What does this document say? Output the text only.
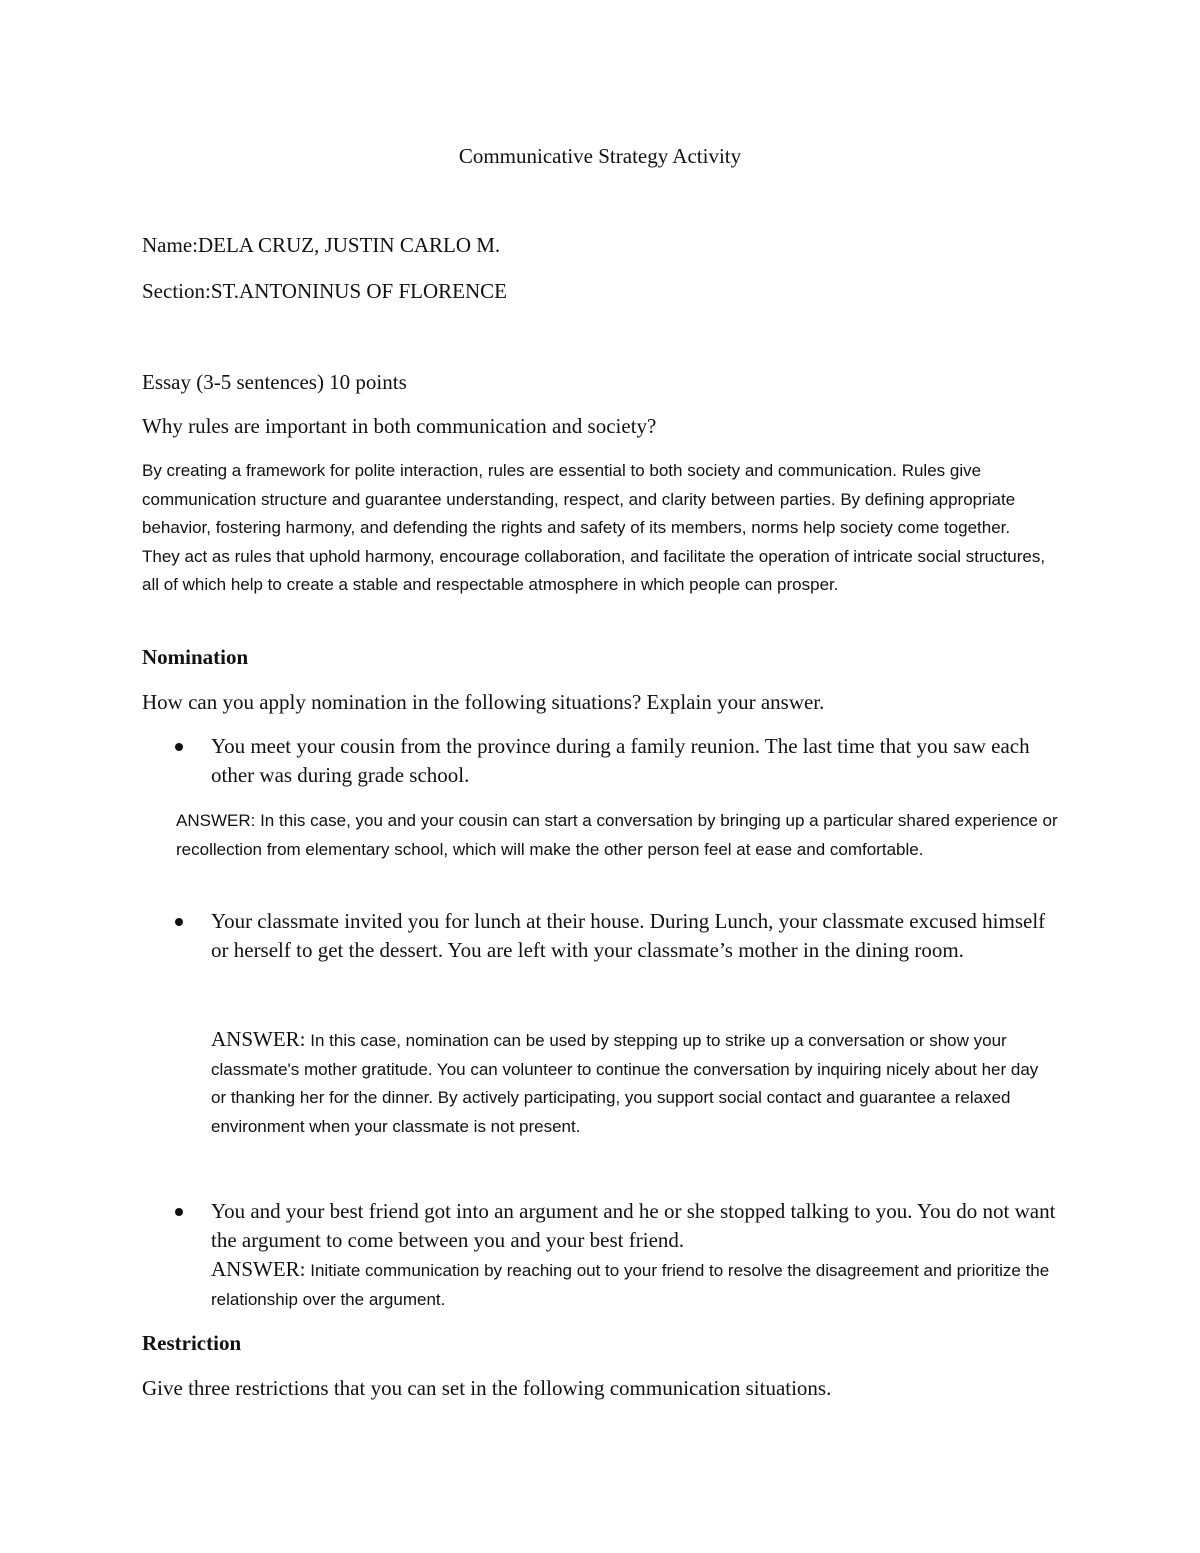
Communicative Strategy Activity
Name:DELA CRUZ, JUSTIN CARLO M.
Section:ST.ANTONINUS OF FLORENCE
Essay (3-5 sentences) 10 points
Why rules are important in both communication and society?

By creating a framework for polite interaction, rules are essential to both society and communication. Rules give communication structure and guarantee understanding, respect, and clarity between parties. By defining appropriate behavior, fostering harmony, and defending the rights and safety of its members, norms help society come together. They act as rules that uphold harmony, encourage collaboration, and facilitate the operation of intricate social structures, all of which help to create a stable and respectable atmosphere in which people can prosper.

Nomination
How can you apply nomination in the following situations? Explain your answer.
You meet your cousin from the province during a family reunion. The last time that you saw each other was during grade school.
ANSWER: In this case, you and your cousin can start a conversation by bringing up a particular shared experience or recollection from elementary school, which will make the other person feel at ease and comfortable.
Your classmate invited you for lunch at their house. During Lunch, your classmate excused himself or herself to get the dessert. You are left with your classmate’s mother in the dining room.
ANSWER: In this case, nomination can be used by stepping up to strike up a conversation or show your classmate's mother gratitude. You can volunteer to continue the conversation by inquiring nicely about her day or thanking her for the dinner. By actively participating, you support social contact and guarantee a relaxed environment when your classmate is not present.
You and your best friend got into an argument and he or she stopped talking to you. You do not want the argument to come between you and your best friend.
ANSWER: Initiate communication by reaching out to your friend to resolve the disagreement and prioritize the relationship over the argument.
Restriction
Give three restrictions that you can set in the following communication situations.
